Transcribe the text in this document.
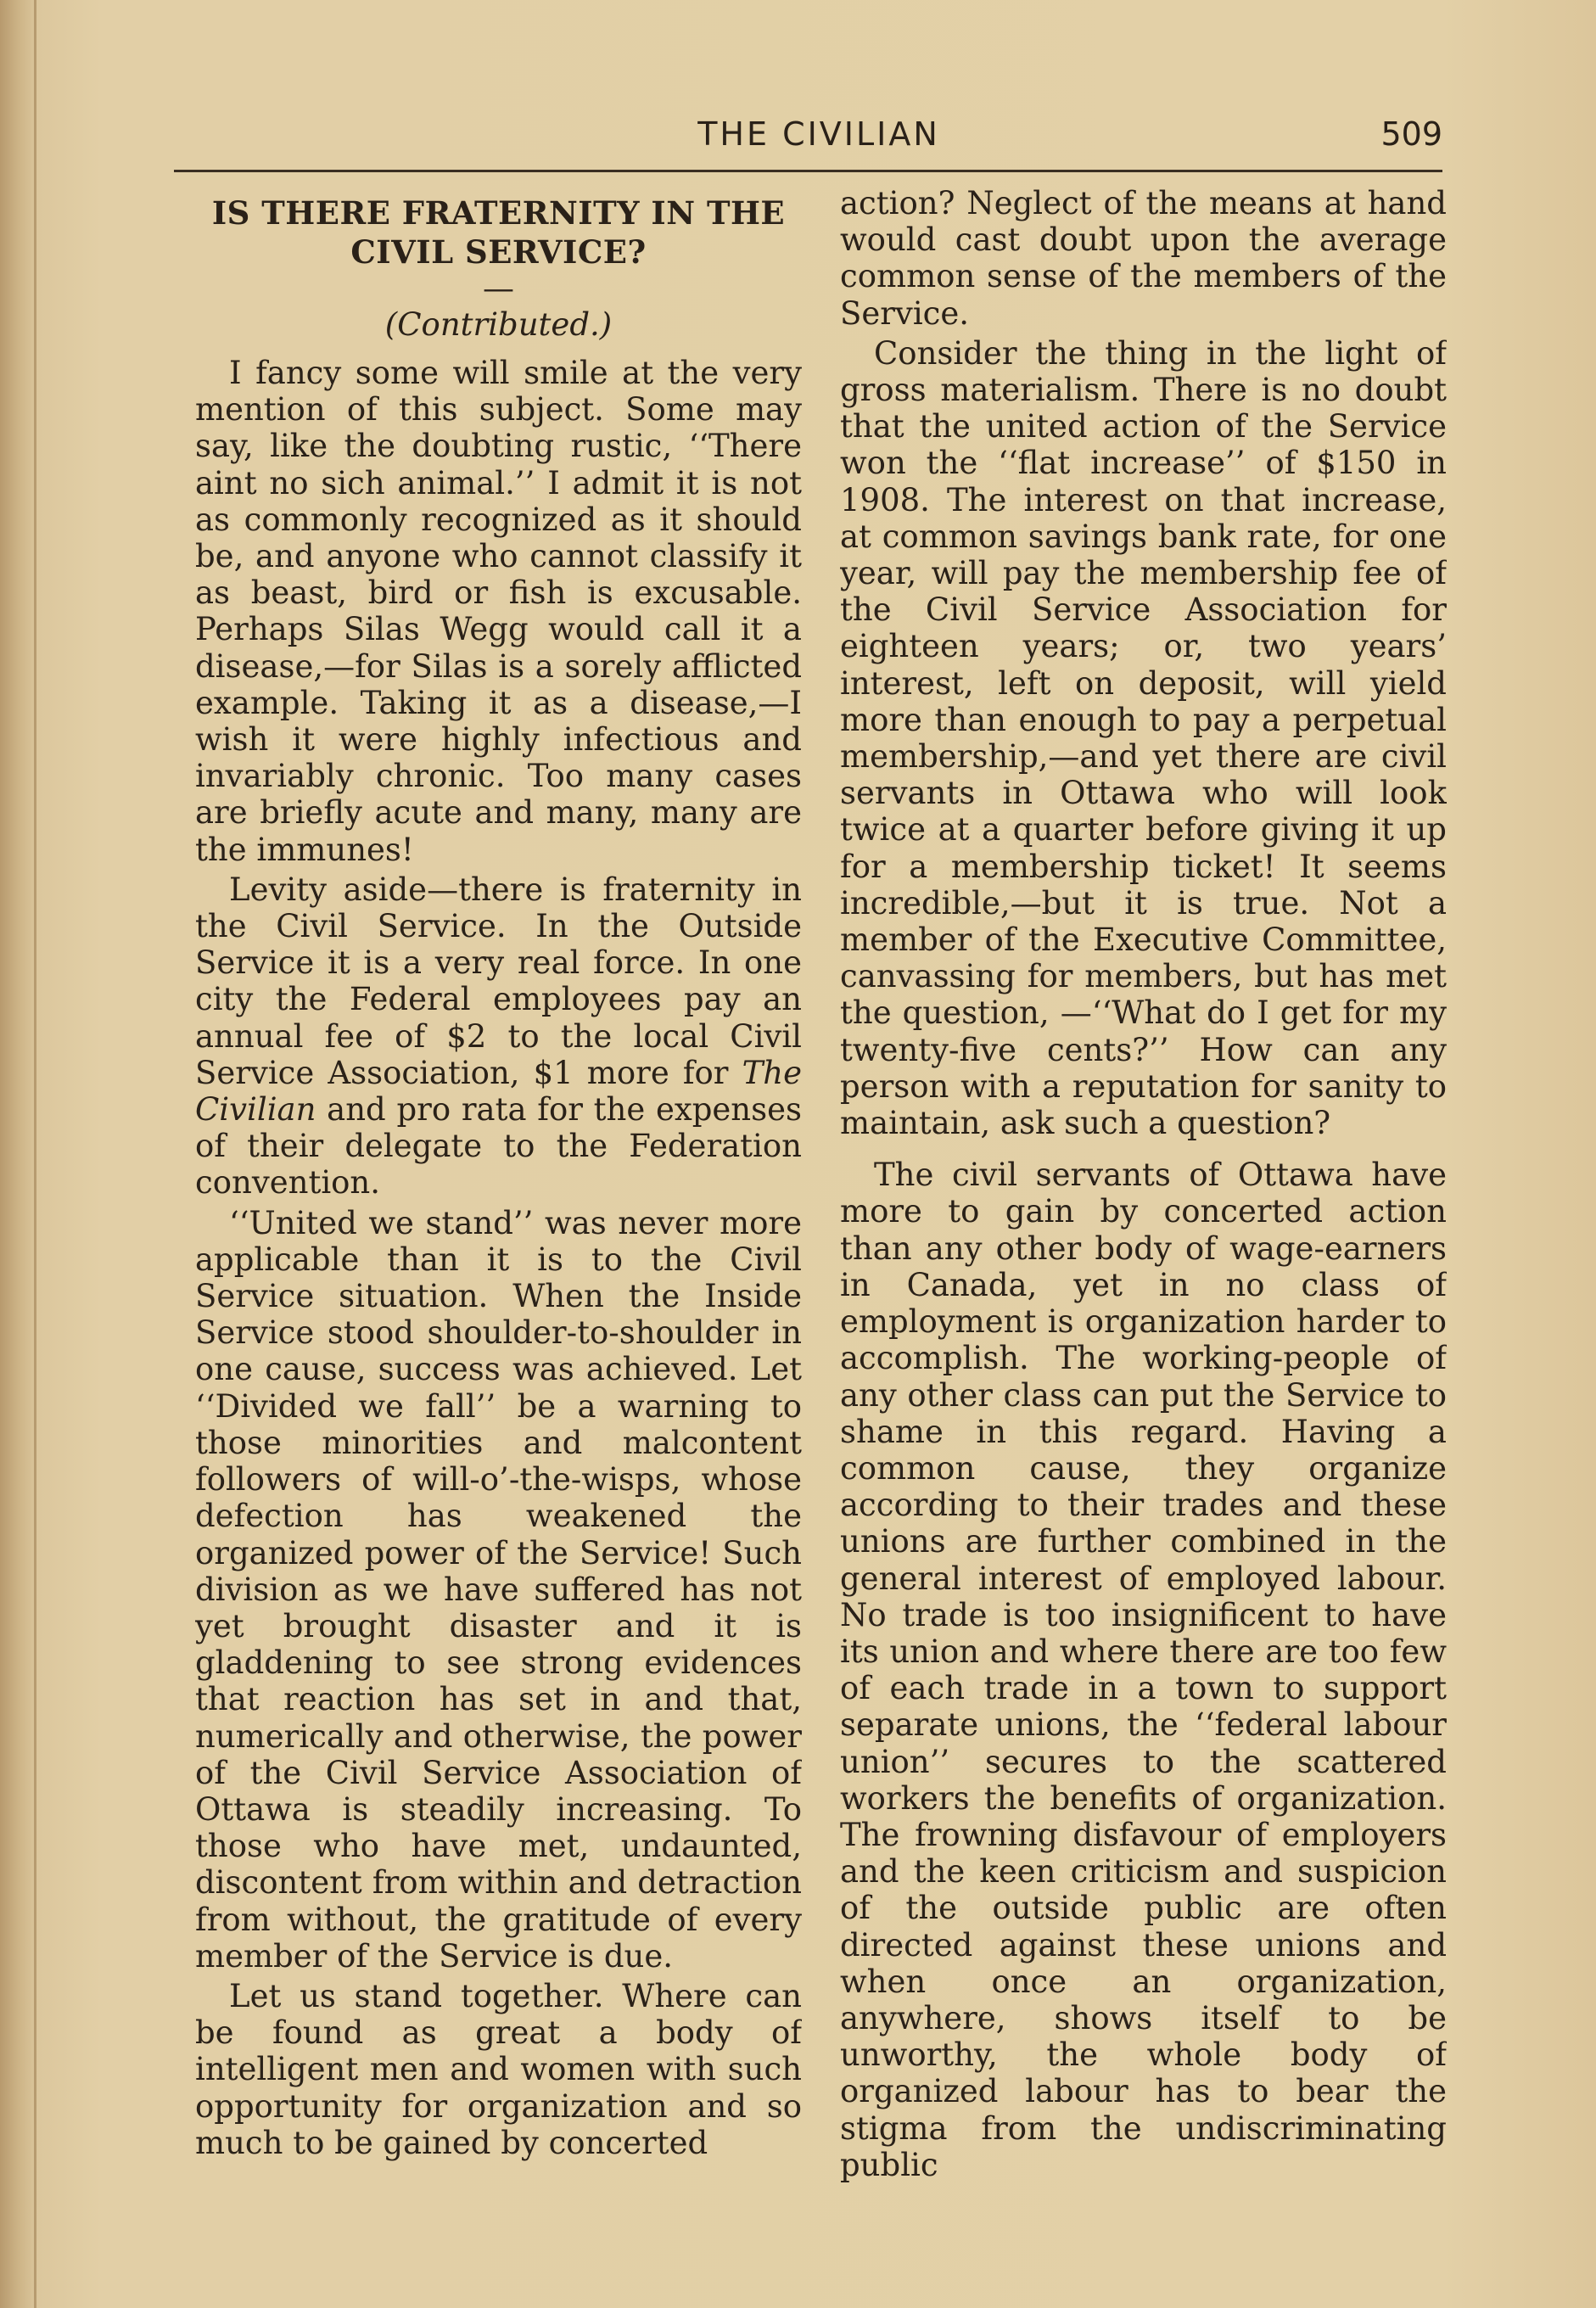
THE CIVILIAN	509
IS THERE FRATERNITY IN THE CIVIL SERVICE?
—
(Contributed.)

I fancy some will smile at the very mention of this subject. Some may say, like the doubting rustic, ‘‘There aint no sich animal.’’ I admit it is not as commonly recognized as it should be, and anyone who cannot classify it as beast, bird or fish is excusable. Perhaps Silas Wegg would call it a disease,—for Silas is a sorely afflicted example. Taking it as a disease,—I wish it were highly infectious and invariably chronic. Too many cases are briefly acute and many, many are the immunes!

Levity aside—there is fraternity in the Civil Service. In the Outside Service it is a very real force. In one city the Federal employees pay an annual fee of $2 to the local Civil Service Association, $1 more for The Civilian and pro rata for the expenses of their delegate to the Federation convention.

‘‘United we stand’’ was never more applicable than it is to the Civil Service situation. When the Inside Service stood shoulder-to-shoulder in one cause, success was achieved. Let ‘‘Divided we fall’’ be a warning to those minorities and malcontent followers of will-o’-the-wisps, whose defection has weakened the organized power of the Service! Such division as we have suffered has not yet brought disaster and it is gladdening to see strong evidences that reaction has set in and that, numerically and otherwise, the power of the Civil Service Association of Ottawa is steadily increasing. To those who have met, undaunted, discontent from within and detraction from without, the gratitude of every member of the Service is due.

Let us stand together. Where can be found as great a body of intelligent men and women with such opportunity for organization and so much to be gained by concerted

action? Neglect of the means at hand would cast doubt upon the average common sense of the members of the Service.

Consider the thing in the light of gross materialism. There is no doubt that the united action of the Service won the ‘‘flat increase’’ of $150 in 1908. The interest on that increase, at common savings bank rate, for one year, will pay the membership fee of the Civil Service Association for eighteen years; or, two years’ interest, left on deposit, will yield more than enough to pay a perpetual membership,—and yet there are civil servants in Ottawa who will look twice at a quarter before giving it up for a membership ticket! It seems incredible,—but it is true. Not a member of the Executive Committee, canvassing for members, but has met the question, —‘‘What do I get for my twenty-five cents?’’ How can any person with a reputation for sanity to maintain, ask such a question?

The civil servants of Ottawa have more to gain by concerted action than any other body of wage-earners in Canada, yet in no class of employment is organization harder to accomplish. The working-people of any other class can put the Service to shame in this regard. Having a common cause, they organize according to their trades and these unions are further combined in the general interest of employed labour. No trade is too insignificent to have its union and where there are too few of each trade in a town to support separate unions, the ‘‘federal labour union’’ secures to the scattered workers the benefits of organization. The frowning disfavour of employers and the keen criticism and suspicion of the outside public are often directed against these unions and when once an organization, anywhere, shows itself to be unworthy, the whole body of organized labour has to bear the stigma from the undiscriminating public
